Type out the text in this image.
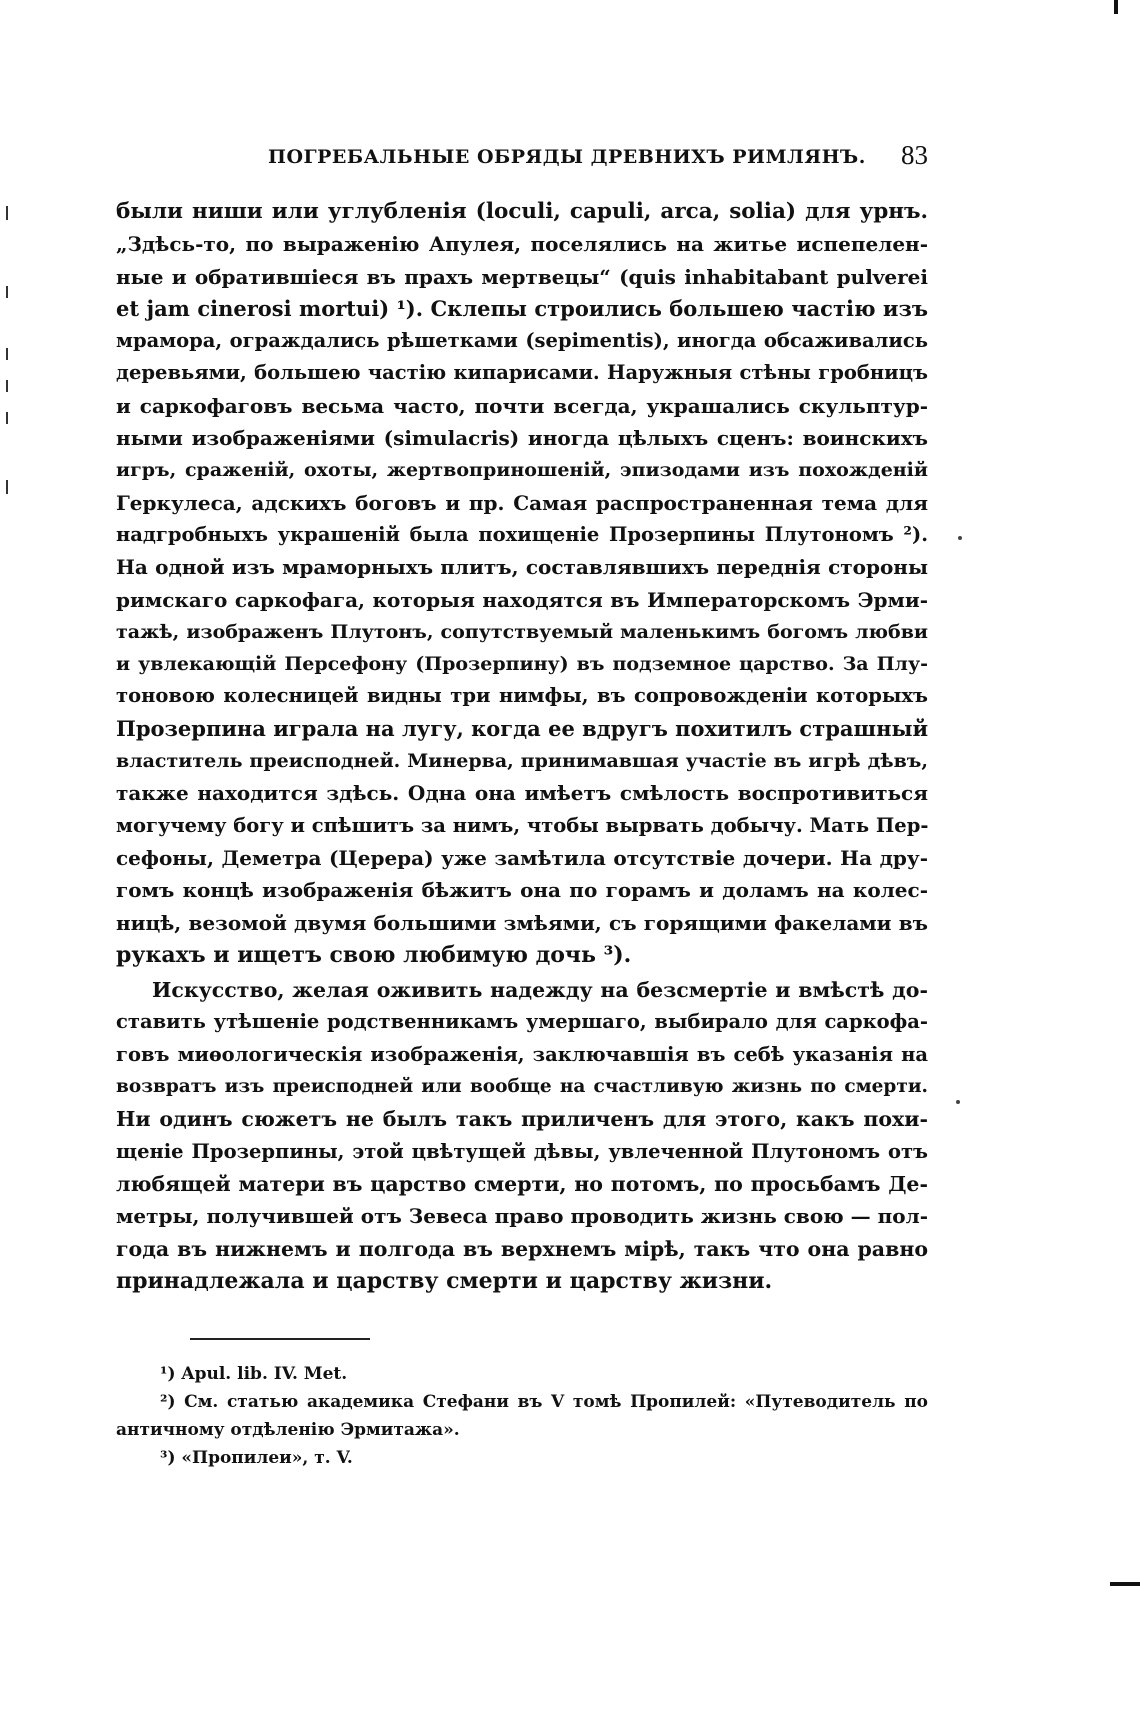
ПОГРЕБАЛЬНЫЕ ОБРЯДЫ ДРЕВНИХЪ РИМЛЯНЪ. 83
были ниши или углубленія (loculi, capuli, arca, solia) для урнъ.
„Здѣсь-то, по выраженію Апулея, поселялись на житье испепелен-
ные и обратившіеся въ прахъ мертвецы“ (quis inhabitabant pulverei
et jam cinerosi mortui) ¹). Склепы строились большею частію изъ
мрамора, ограждались рѣшетками (sepimentis), иногда обсаживались
деревьями, большею частію кипарисами. Наружныя стѣны гробницъ
и саркофаговъ весьма часто, почти всегда, украшались скульптур-
ными изображеніями (simulacris) иногда цѣлыхъ сценъ: воинскихъ
игръ, сраженій, охоты, жертвоприношеній, эпизодами изъ похожденій
Геркулеса, адскихъ боговъ и пр. Самая распространенная тема для
надгробныхъ украшеній была похищеніе Прозерпины Плутономъ ²).
На одной изъ мраморныхъ плитъ, составлявшихъ переднія стороны
римскаго саркофага, которыя находятся въ Императорскомъ Эрми-
тажѣ, изображенъ Плутонъ, сопутствуемый маленькимъ богомъ любви
и увлекающій Персефону (Прозерпину) въ подземное царство. За Плу-
тоновою колесницей видны три нимфы, въ сопровожденіи которыхъ
Прозерпина играла на лугу, когда ее вдругъ похитилъ страшный
властитель преисподней. Минерва, принимавшая участіе въ игрѣ дѣвъ,
также находится здѣсь. Одна она имѣетъ смѣлость воспротивиться
могучему богу и спѣшитъ за нимъ, чтобы вырвать добычу. Мать Пер-
сефоны, Деметра (Церера) уже замѣтила отсутствіе дочери. На дру-
гомъ концѣ изображенія бѣжитъ она по горамъ и доламъ на колес-
ницѣ, везомой двумя большими змѣями, съ горящими факелами въ
рукахъ и ищетъ свою любимую дочь ³).
Искусство, желая оживить надежду на безсмертіе и вмѣстѣ до-
ставить утѣшеніе родственникамъ умершаго, выбирало для саркофа-
говъ миѳологическія изображенія, заключавшія въ себѣ указанія на
возвратъ изъ преисподней или вообще на счастливую жизнь по смерти.
Ни одинъ сюжетъ не былъ такъ приличенъ для этого, какъ похи-
щеніе Прозерпины, этой цвѣтущей дѣвы, увлеченной Плутономъ отъ
любящей матери въ царство смерти, но потомъ, по просьбамъ Де-
метры, получившей отъ Зевеса право проводить жизнь свою — пол-
года въ нижнемъ и полгода въ верхнемъ мірѣ, такъ что она равно
принадлежала и царству смерти и царству жизни.
¹) Apul. lib. IV. Met.
²) См. статью академика Стефани въ V томѣ Пропилей: «Путеводитель по
античному отдѣленію Эрмитажа».
³) «Пропилеи», т. V.
